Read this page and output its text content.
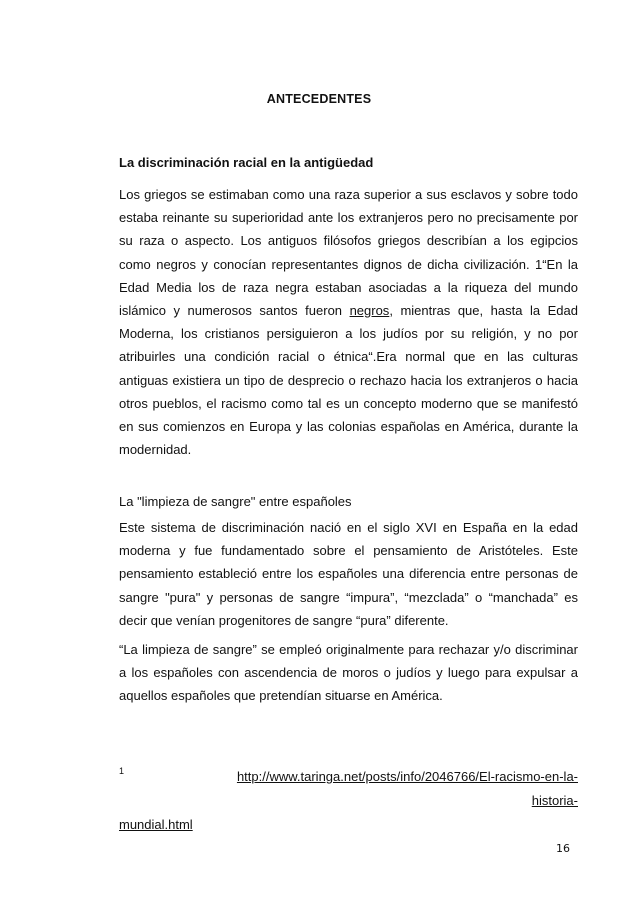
ANTECEDENTES
La discriminación racial en la antigüedad
Los griegos se estimaban como una raza superior a sus esclavos y sobre todo estaba reinante su superioridad ante los extranjeros pero no precisamente por su raza o aspecto. Los antiguos filósofos griegos describían a los egipcios como negros y conocían representantes dignos de dicha civilización. 1“En la Edad Media los de raza negra estaban asociadas a la riqueza del mundo islámico y numerosos santos fueron negros, mientras que, hasta la Edad Moderna, los cristianos persiguieron a los judíos por su religión, y no por atribuirles una condición racial o étnica“.Era normal que en las culturas antiguas existiera un tipo de desprecio o rechazo hacia los extranjeros o hacia otros pueblos, el racismo como tal es un concepto moderno que se manifestó en sus comienzos en Europa y las colonias españolas en América, durante la modernidad.
La "limpieza de sangre" entre españoles
Este sistema de discriminación nació en el siglo XVI en España en la edad moderna y fue fundamentado sobre el pensamiento de Aristóteles. Este pensamiento estableció entre los españoles una diferencia entre personas de sangre "pura" y personas de sangre “impura”, “mezclada” o “manchada” es decir que venían progenitores de sangre “pura” diferente.
“La limpieza de sangre” se empleó originalmente para rechazar y/o discriminar a los españoles con ascendencia de moros o judíos y luego para expulsar a aquellos españoles que pretendían situarse en América.
1	http://www.taringa.net/posts/info/2046766/El-racismo-en-la-historia-
mundial.html
16
